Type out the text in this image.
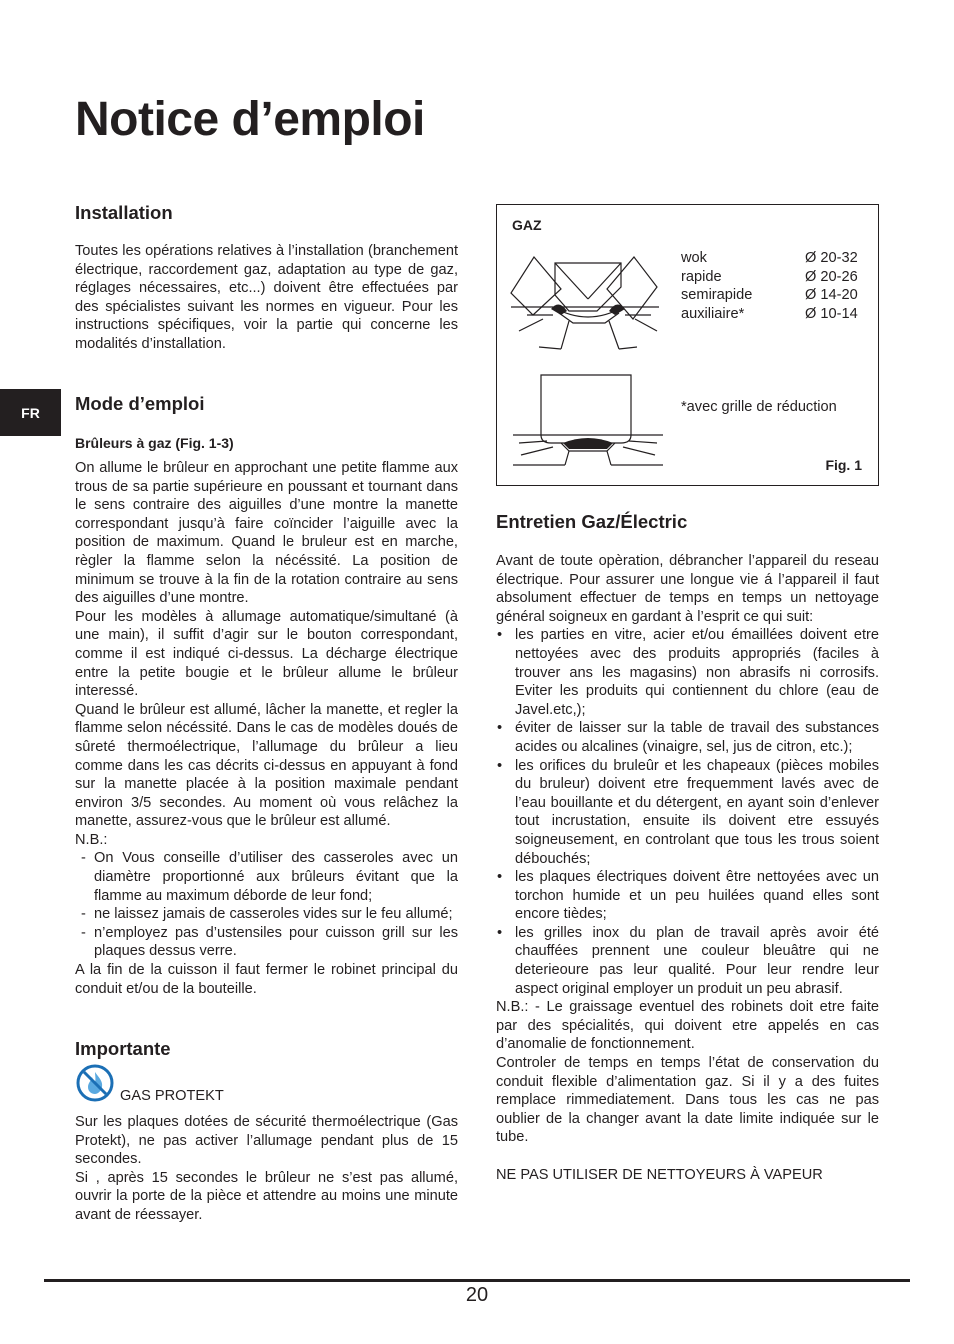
Notice d’emploi
FR
Installation

Toutes les opérations relatives à l’installation (branchement électrique, raccordement gaz, adaptation au type de gaz, réglages nécessaires, etc...) doivent être effectuées par des spécialistes suivant les normes en vigueur. Pour les instructions spécifiques, voir la partie qui concerne les modalités d’installation.

Mode d’emploi
Brûleurs à gaz (Fig. 1-3)

On allume le brûleur en approchant une petite flamme aux trous de sa partie supérieure en poussant et tournant dans le sens contraire des aiguilles d’une montre la manette correspondant jusqu’à faire coïncider l’aiguille avec la position de maximum. Quand le bruleur est en marche, règler la flamme selon la nécéssité. La position de minimum se trouve à la fin de la rotation contraire au sens des aiguilles d’une montre.

Pour les modèles à allumage automatique/simultané (à une main), il suffit d’agir sur le bouton correspondant, comme il est indiqué ci-dessus. La décharge électrique entre la petite bougie et le brûleur allume le brûleur interessé.

Quand le brûleur est allumé, lâcher la manette, et regler la flamme selon nécéssité. Dans le cas de modèles doués de sûreté thermoélectrique, l’allumage du brûleur a lieu comme dans les cas décrits ci-dessus en appuyant à fond sur la manette placée à la position maximale pendant environ 3/5 secondes. Au moment où vous relâchez la manette, assurez-vous que le brûleur est allumé.

N.B.:

- On Vous conseille d’utiliser des casseroles avec un diamètre proportionné aux brûleurs évitant que la flamme au maximum déborde de leur fond;
- ne laissez jamais de casseroles vides sur le feu allumé;
- n’employez pas d’ustensiles pour cuisson grill sur les plaques dessus verre.

A la fin de la cuisson il faut fermer le robinet principal du conduit et/ou de la bouteille.

Importante
GAS PROTEKT

Sur les plaques dotées de sécurité thermoélectrique (Gas Protekt), ne pas activer l’allumage pendant plus de 15 secondes.

Si , après 15 secondes le brûleur ne s’est pas allumé, ouvrir la porte de la pièce et attendre au moins une minute avant de réessayer.

GAZ
wok	Ø 20-32
rapide	Ø 20-26
semirapide	Ø 14-20
auxiliaire*	Ø 10-14
*avec grille de réduction
Fig. 1
Entretien Gaz/Électric

Avant de toute opèration, débrancher l’appareil du reseau électrique. Pour assurer une longue vie á l’appareil il faut absolument effectuer de temps en temps un nettoyage général soigneux en gardant à l’esprit ce qui suit:

• les parties en vitre, acier et/ou émaillées doivent etre nettoyées avec des produits appropriés (faciles à trouver ans les magasins) non abrasifs ni corrosifs. Eviter les produits qui contiennent du chlore (eau de Javel.etc,);
• éviter de laisser sur la table de travail des substances acides ou alcalines (vinaigre, sel, jus de citron, etc.);
• les orifices du bruleûr et les chapeaux (pièces mobiles du bruleur) doivent etre frequemment lavés avec de l’eau bouillante et du détergent, en ayant soin d’enlever tout incrustation, ensuite ils doivent etre essuyés soigneusement, en controlant que tous les trous soient débouchés;
• les plaques électriques doivent être nettoyées avec un torchon humide et un peu huilées quand elles sont encore tièdes;
• les grilles inox du plan de travail après avoir été chauffées prennent une couleur bleuâtre qui ne deterieoure pas leur qualité. Pour leur rendre leur aspect original employer un produit un peu abrasif.

N.B.: - Le graissage eventuel des robinets doit etre faite par des spécialités, qui doivent etre appelés en cas d’anomalie de fonctionnement.

Controler de temps en temps l’état de conservation du conduit flexible d’alimentation gaz. Si il y a des fuites remplace rimmediatement. Dans tous les cas ne pas oublier de la changer avant la date limite indiquée sur le tube.

NE PAS UTILISER DE NETTOYEURS À VAPEUR

20
